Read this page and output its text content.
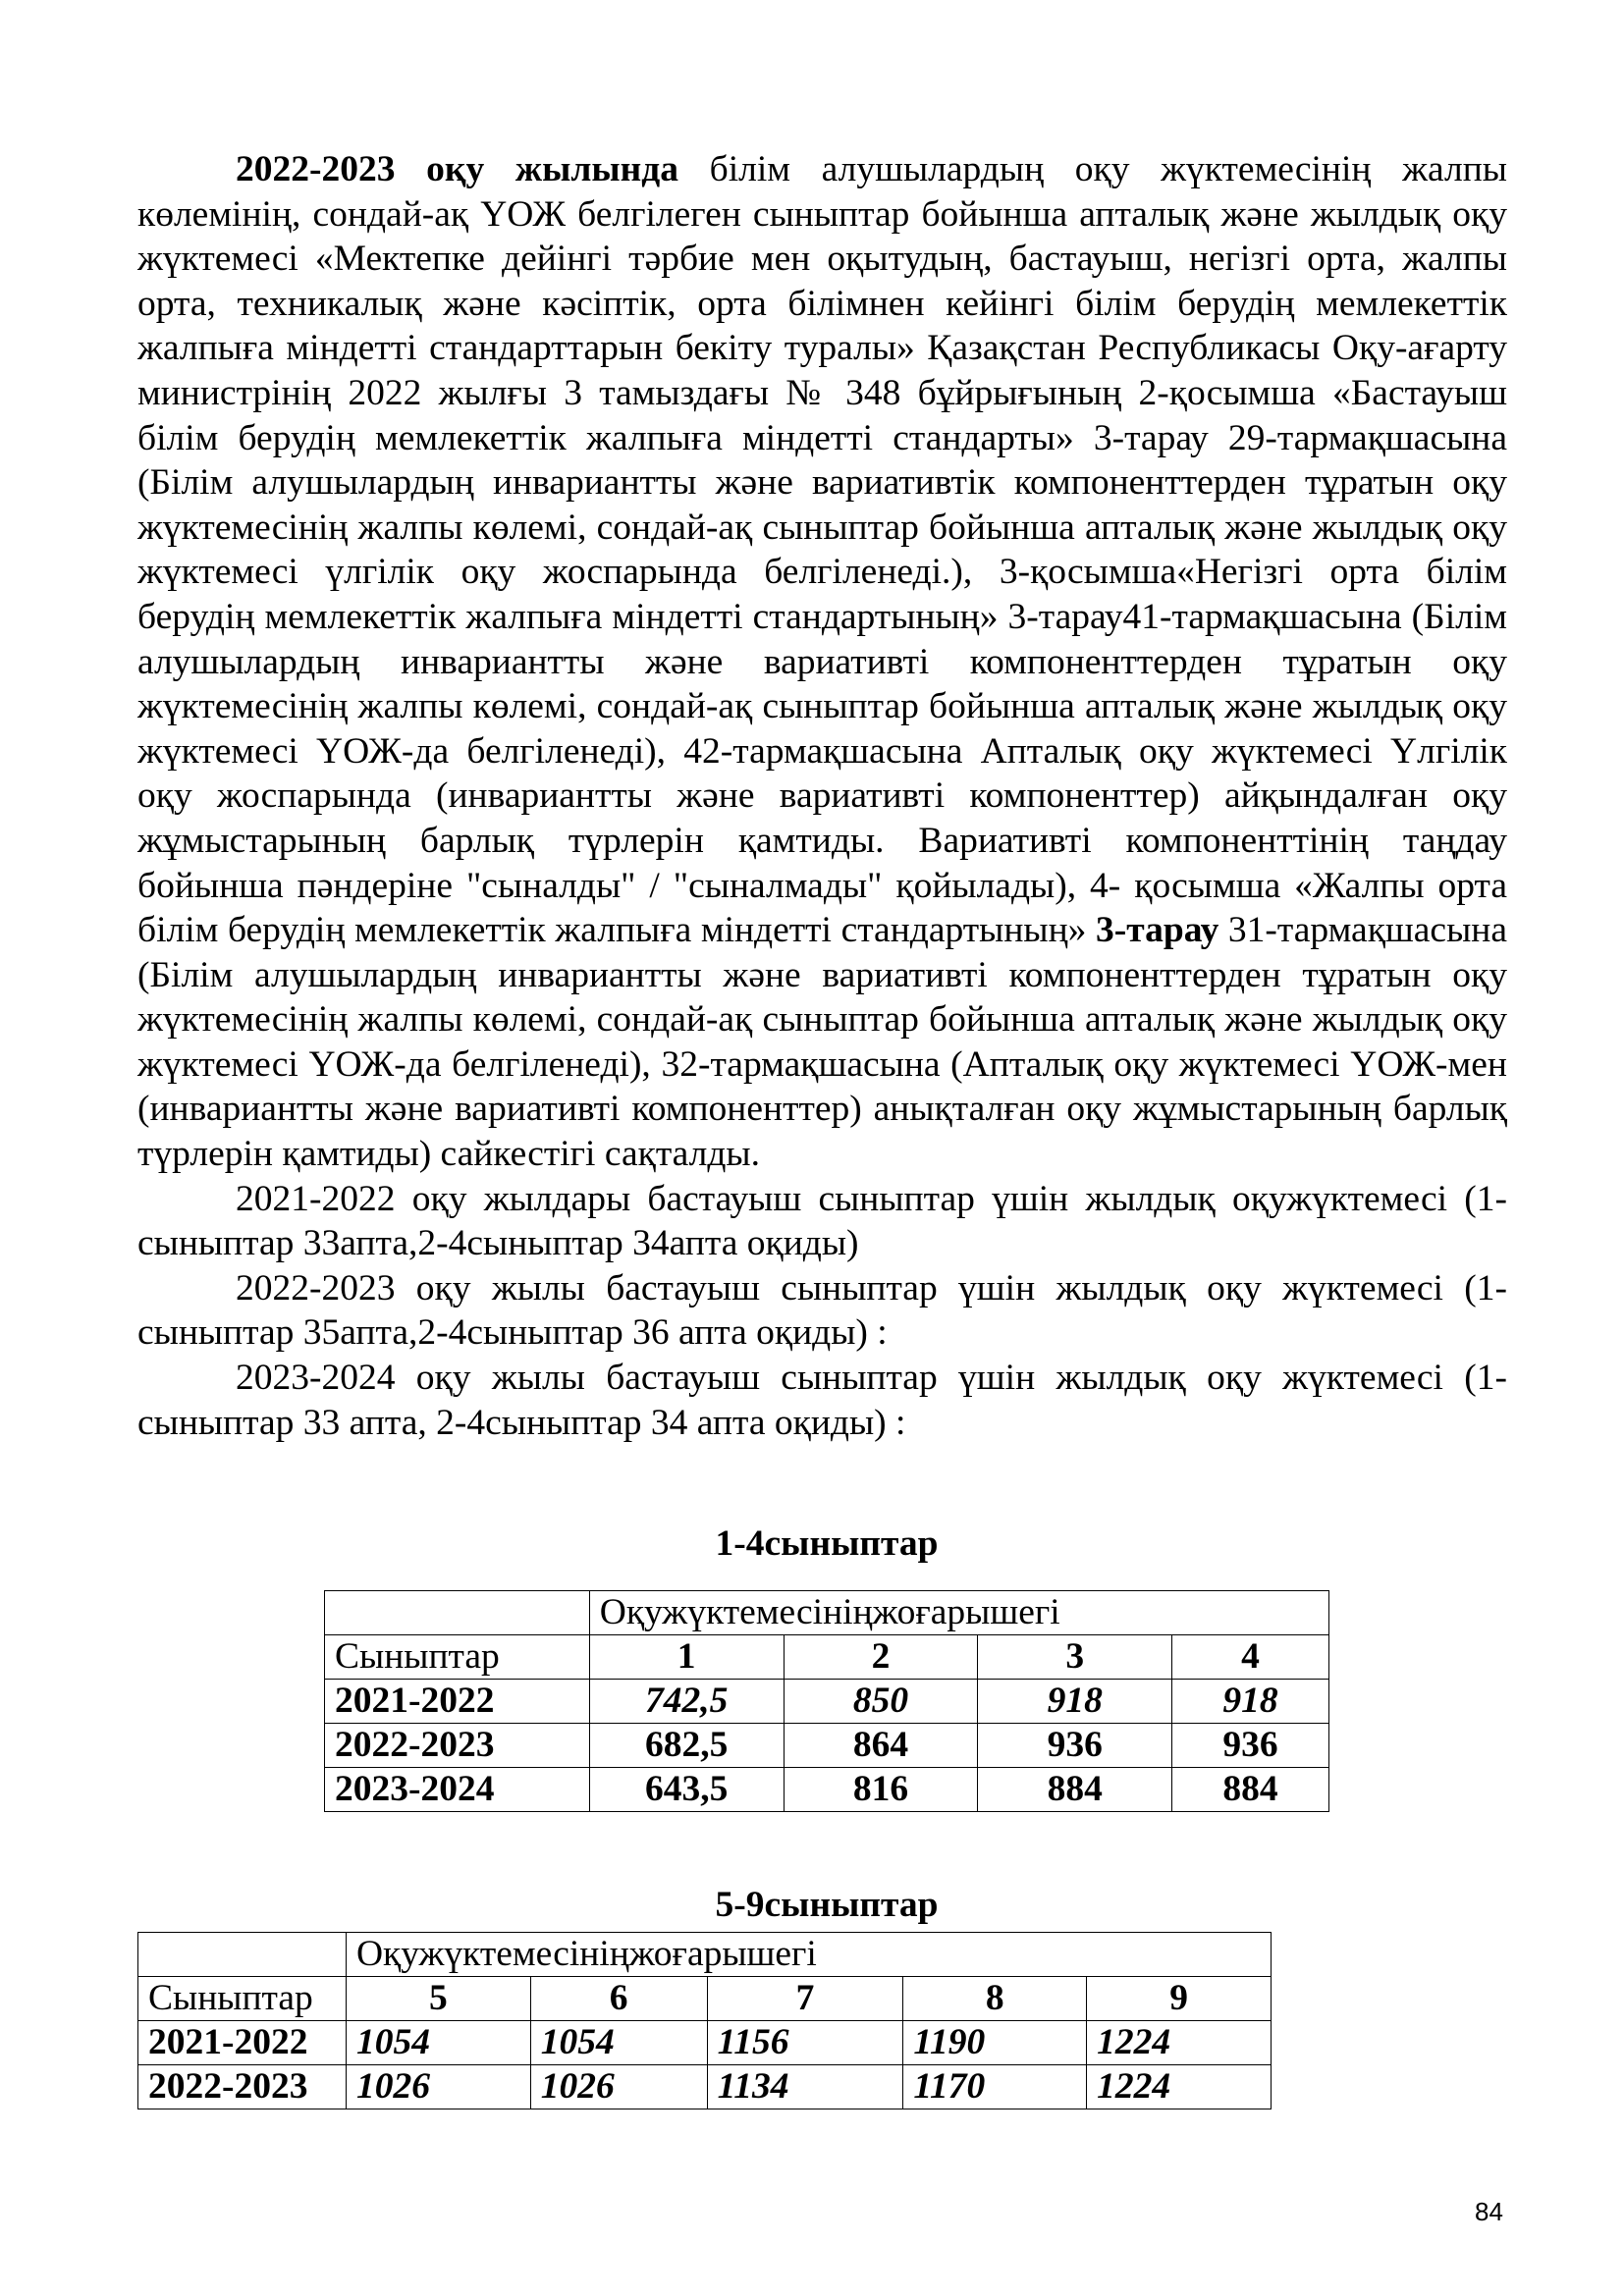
2022-2023 оқу жылында білім алушылардың оқу жүктемесінің жалпы көлемінің, сондай-ақ ҮОЖ белгілеген сыныптар бойынша апталық және жылдық оқу жүктемесі «Мектепке дейінгі тәрбие мен оқытудың, бастауыш, негізгі орта, жалпы орта, техникалық және кәсіптік, орта білімнен кейінгі білім берудің мемлекеттік жалпыға міндетті стандарттарын бекіту туралы» Қазақстан Республикасы Оқу-ағарту министрінің 2022 жылғы 3 тамыздағы № 348 бұйрығының 2-қосымша «Бастауыш білім берудің мемлекеттік жалпыға міндетті стандарты» 3-тарау 29-тармақшасына (Білім алушылардың инвариантты және вариативтік компоненттерден тұратын оқу жүктемесінің жалпы көлемі, сондай-ақ сыныптар бойынша апталық және жылдық оқу жүктемесі үлгілік оқу жоспарында белгіленеді.), 3-қосымша«Негізгі орта білім берудің мемлекеттік жалпыға міндетті стандартының» 3-тарау41-тармақшасына (Білім алушылардың инвариантты және вариативті компоненттерден тұратын оқу жүктемесінің жалпы көлемі, сондай-ақ сыныптар бойынша апталық және жылдық оқу жүктемесі ҮОЖ-да белгіленеді), 42-тармақшасына Апталық оқу жүктемесі Үлгілік оқу жоспарында (инвариантты және вариативті компоненттер) айқындалған оқу жұмыстарының барлық түрлерін қамтиды. Вариативті компоненттінің таңдау бойынша пәндеріне "сыналды" / "сыналмады" қойылады), 4- қосымша «Жалпы орта білім берудің мемлекеттік жалпыға міндетті стандартының» 3-тарау 31-тармақшасына (Білім алушылардың инвариантты және вариативті компоненттерден тұратын оқу жүктемесінің жалпы көлемі, сондай-ақ сыныптар бойынша апталық және жылдық оқу жүктемесі ҮОЖ-да белгіленеді), 32-тармақшасына (Апталық оқу жүктемесі ҮОЖ-мен (инвариантты және вариативті компоненттер) анықталған оқу жұмыстарының барлық түрлерін қамтиды) сайкестігі сақталды.

2021-2022 оқу жылдары бастауыш сыныптар үшін жылдық оқужүктемесі (1-сыныптар 33апта,2-4сыныптар 34апта оқиды)

2022-2023 оқу жылы бастауыш сыныптар үшін жылдық оқу жүктемесі (1-сыныптар 35апта,2-4сыныптар 36 апта оқиды) :

2023-2024 оқу жылы бастауыш сыныптар үшін жылдық оқу жүктемесі (1-сыныптар 33 апта, 2-4сыныптар 34 апта оқиды) :

1-4сыныптар
	Оқужүктемесініңжоғарышегі			
Сыныптар	1	2	3	4
2021-2022	742,5	850	918	918
2022-2023	682,5	864	936	936
2023-2024	643,5	816	884	884
5-9сыныптар
	Оқужүктемесініңжоғарышегі				
Сыныптар	5	6	7	8	9
2021-2022	1054	1054	1156	1190	1224
2022-2023	1026	1026	1134	1170	1224
84
